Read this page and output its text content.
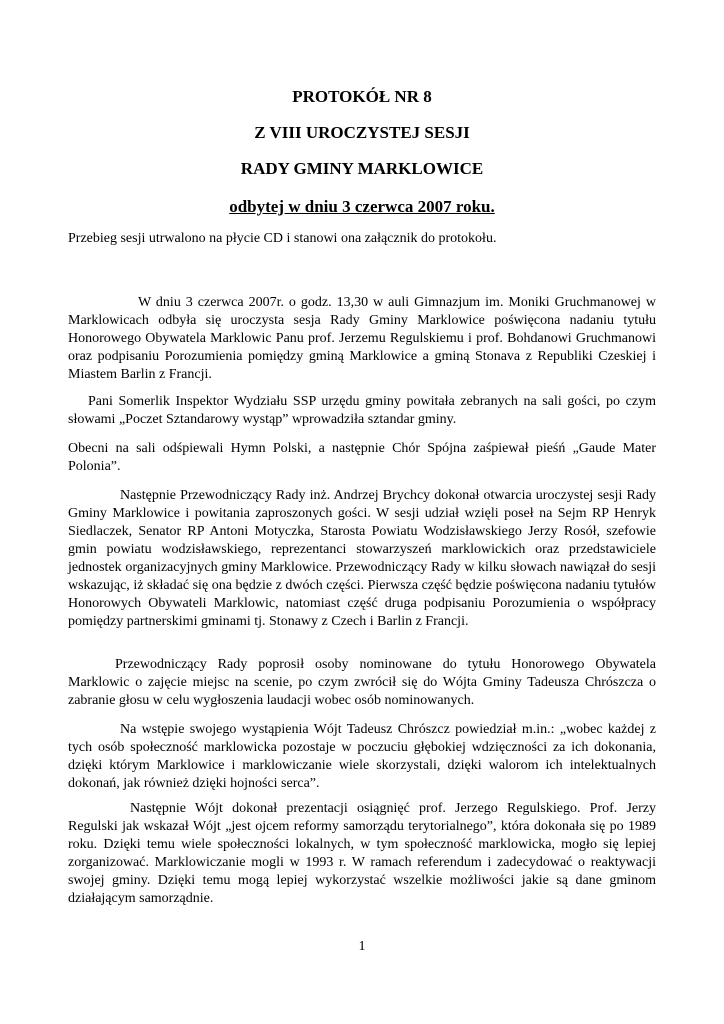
PROTOKÓŁ NR 8
Z VIII UROCZYSTEJ SESJI
RADY GMINY MARKLOWICE
odbytej w dniu 3 czerwca 2007 roku.

Przebieg sesji utrwalono na płycie CD i stanowi ona załącznik do protokołu.

W dniu 3 czerwca 2007r. o godz. 13,30 w auli Gimnazjum im. Moniki Gruchmanowej w Marklowicach odbyła się uroczysta sesja Rady Gminy Marklowice poświęcona nadaniu tytułu Honorowego Obywatela Marklowic Panu prof. Jerzemu Regulskiemu i prof. Bohdanowi Gruchmanowi oraz podpisaniu Porozumienia pomiędzy gminą Marklowice a gminą Stonava z Republiki Czeskiej i Miastem Barlin z Francji.

Pani Somerlik Inspektor Wydziału SSP urzędu gminy powitała zebranych na sali gości, po czym słowami „Poczet Sztandarowy wystąp” wprowadziła sztandar gminy.

Obecni na sali odśpiewali Hymn Polski, a następnie Chór Spójna zaśpiewał pieśń „Gaude Mater Polonia”.

Następnie Przewodniczący Rady inż. Andrzej Brychcy dokonał otwarcia uroczystej sesji Rady Gminy Marklowice i powitania zaproszonych gości. W sesji udział wzięli poseł na Sejm RP Henryk Siedlaczek, Senator RP Antoni Motyczka, Starosta Powiatu Wodzisławskiego Jerzy Rosół, szefowie gmin powiatu wodzisławskiego, reprezentanci stowarzyszeń marklowickich oraz przedstawiciele jednostek organizacyjnych gminy Marklowice. Przewodniczący Rady w kilku słowach nawiązał do sesji wskazując, iż składać się ona będzie z dwóch części. Pierwsza część będzie poświęcona nadaniu tytułów Honorowych Obywateli Marklowic, natomiast część druga podpisaniu Porozumienia o współpracy pomiędzy partnerskimi gminami tj. Stonawy z Czech i Barlin z Francji.

Przewodniczący Rady poprosił osoby nominowane do tytułu Honorowego Obywatela Marklowic o zajęcie miejsc na scenie, po czym zwrócił się do Wójta Gminy Tadeusza Chrószcza o zabranie głosu w celu wygłoszenia laudacji wobec osób nominowanych.

Na wstępie swojego wystąpienia Wójt Tadeusz Chrószcz powiedział m.in.: „wobec każdej z tych osób społeczność marklowicka pozostaje w poczuciu głębokiej wdzięczności za ich dokonania, dzięki którym Marklowice i marklowiczanie wiele skorzystali, dzięki walorom ich intelektualnych dokonań, jak również dzięki hojności serca”.

Następnie Wójt dokonał prezentacji osiągnięć prof. Jerzego Regulskiego. Prof. Jerzy Regulski jak wskazał Wójt „jest ojcem reformy samorządu terytorialnego”, która dokonała się po 1989 roku. Dzięki temu wiele społeczności lokalnych, w tym społeczność marklowicka, mogło się lepiej zorganizować. Marklowiczanie mogli w 1993 r. W ramach referendum i zadecydować o reaktywacji swojej gminy. Dzięki temu mogą lepiej wykorzystać wszelkie możliwości jakie są dane gminom działającym samorządnie.

1
